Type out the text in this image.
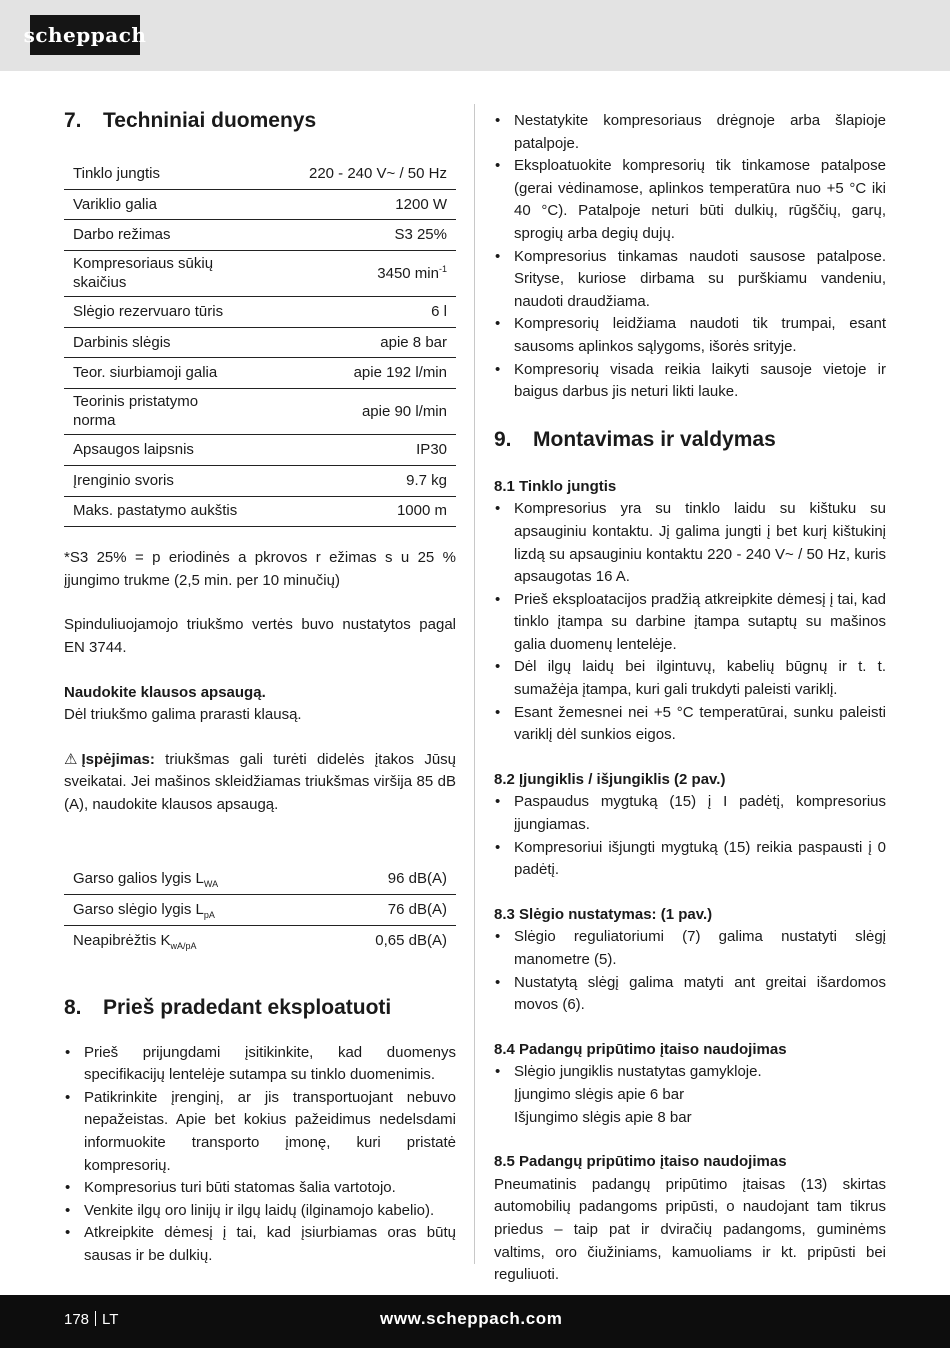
scheppach
7. Techniniai duomenys
Tinklo jungtis	220 - 240 V~ / 50 Hz
Variklio galia	1200 W
Darbo režimas	S3 25%
Kompresoriaus sūkių skaičius	3450 $\min^{-1}$
Slėgio rezervuaro tūris	6 l
Darbinis slėgis	apie 8 bar
Teor. siurbiamoji galia	apie 192 l/min
Teorinis pristatymo norma	apie 90 l/min
Apsaugos laipsnis	IP30
Įrenginio svoris	9.7 kg
Maks. pastatymo aukštis	1000 m

*S3 25% = p eriodinės a pkrovos r ežimas s u 25 % įjungimo trukme (2,5 min. per 10 minučių)

Spinduliuojamojo triukšmo vertės buvo nustatytos pagal EN 3744.

Naudokite klausos apsaugą.

Dėl triukšmo galima prarasti klausą.

⚠ Įspėjimas: triukšmas gali turėti didelės įtakos Jūsų sveikatai. Jei mašinos skleidžiamas triukšmas viršija 85 dB (A), naudokite klausos apsaugą.

Garso galios lygis $L_{WA}$	96 dB(A)
Garso slėgio lygis $L_{pA}$	76 dB(A)
Neapibrėžtis $K_{wA/pA}$	0,65 dB(A)
8. Prieš pradedant eksploatuoti
• Prieš prijungdami įsitikinkite, kad duomenys specifikacijų lentelėje sutampa su tinklo duomenimis.
• Patikrinkite įrenginį, ar jis transportuojant nebuvo nepažeistas. Apie bet kokius pažeidimus nedelsdami informuokite transporto įmonę, kuri pristatė kompresorių.
• Kompresorius turi būti statomas šalia vartotojo.
• Venkite ilgų oro linijų ir ilgų laidų (ilginamojo kabelio).
• Atkreipkite dėmesį į tai, kad įsiurbiamas oras būtų sausas ir be dulkių.
• Nestatykite kompresoriaus drėgnoje arba šlapioje patalpoje.
• Eksploatuokite kompresorių tik tinkamose patalpose (gerai vėdinamose, aplinkos temperatūra nuo +5 °C iki 40 °C). Patalpoje neturi būti dulkių, rūgščių, garų, sprogių arba degių dujų.
• Kompresorius tinkamas naudoti sausose patalpose. Srityse, kuriose dirbama su purškiamu vandeniu, naudoti draudžiama.
• Kompresorių leidžiama naudoti tik trumpai, esant sausoms aplinkos sąlygoms, išorės srityje.
• Kompresorių visada reikia laikyti sausoje vietoje ir baigus darbus jis neturi likti lauke.
9. Montavimas ir valdymas
8.1 Tinklo jungtis
• Kompresorius yra su tinklo laidu su kištuku su apsauginiu kontaktu. Jį galima jungti į bet kurį kištukinį lizdą su apsauginiu kontaktu 220 - 240 V~ / 50 Hz, kuris apsaugotas 16 A.
• Prieš eksploatacijos pradžią atkreipkite dėmesį į tai, kad tinklo įtampa su darbine įtampa sutaptų su mašinos galia duomenų lentelėje.
• Dėl ilgų laidų bei ilgintuvų, kabelių būgnų ir t. t. sumažėja įtampa, kuri gali trukdyti paleisti variklį.
• Esant žemesnei nei +5 °C temperatūrai, sunku paleisti variklį dėl sunkios eigos.
8.2 Įjungiklis / išjungiklis (2 pav.)
• Paspaudus mygtuką (15) į I padėtį, kompresorius įjungiamas.
• Kompresoriui išjungti mygtuką (15) reikia paspausti į 0 padėtį.
8.3 Slėgio nustatymas: (1 pav.)
• Slėgio reguliatoriumi (7) galima nustatyti slėgį manometre (5).
• Nustatytą slėgį galima matyti ant greitai išardomos movos (6).
8.4 Padangų pripūtimo įtaiso naudojimas
• Slėgio jungiklis nustatytas gamykloje.
Įjungimo slėgis apie 6 bar
Išjungimo slėgis apie 8 bar
8.5 Padangų pripūtimo įtaiso naudojimas

Pneumatinis padangų pripūtimo įtaisas (13) skirtas automobilių padangoms pripūsti, o naudojant tam tikrus priedus – taip pat ir dviračių padangoms, guminėms valtims, oro čiužiniams, kamuoliams ir kt. pripūsti bei reguliuoti.

178 LT	www.scheppach.com
